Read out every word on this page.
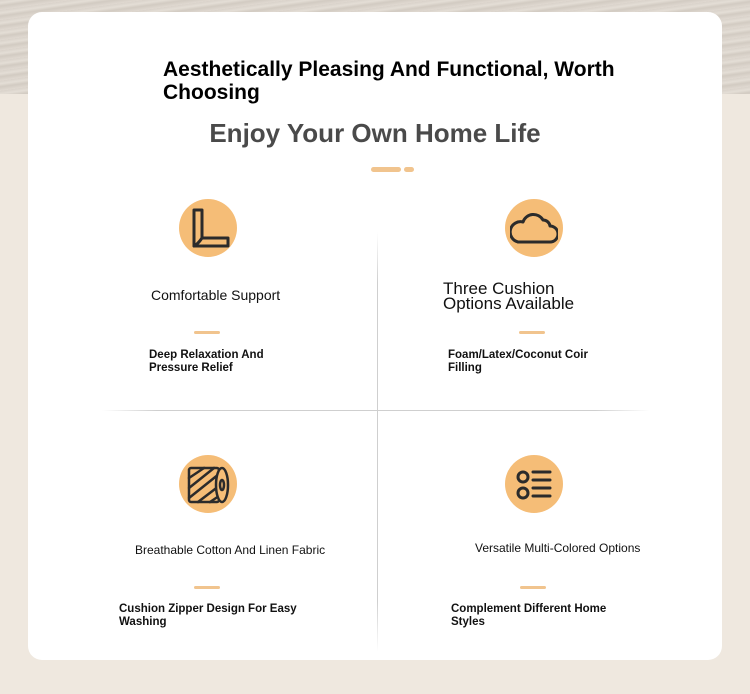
Aesthetically Pleasing And Functional, Worth Choosing
Enjoy Your Own Home Life

Comfortable Support

Deep Relaxation And Pressure Relief

Three Cushion Options Available

Foam/Latex/Coconut Coir Filling

Breathable Cotton And Linen Fabric

Cushion Zipper Design For Easy Washing

Versatile Multi-Colored Options

Complement Different Home Styles
